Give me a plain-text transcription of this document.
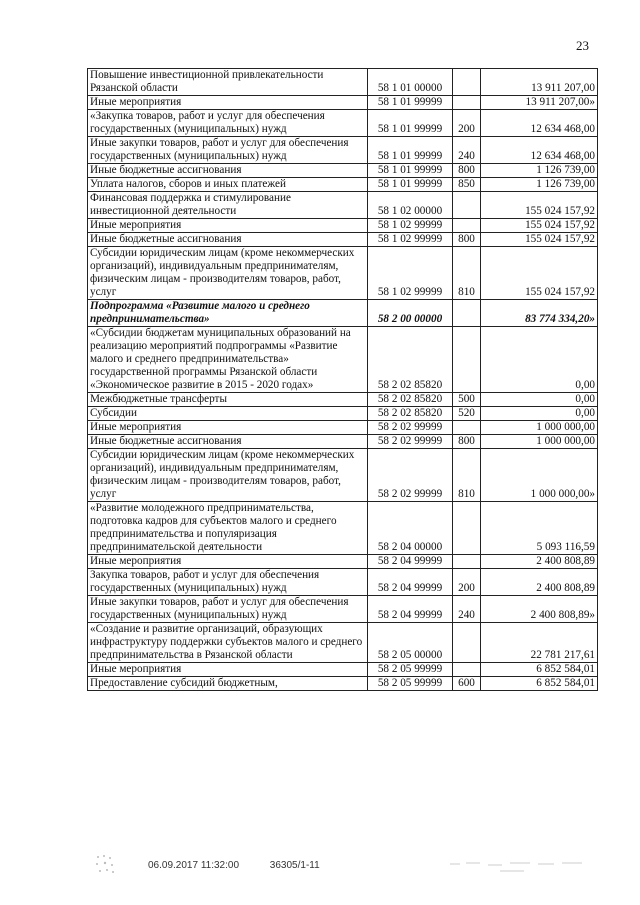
23
Повышение инвестиционной привлекательности Рязанской области	58 1 01 00000		13 911 207,00
Иные мероприятия	58 1 01 99999		13 911 207,00»
«Закупка товаров, работ и услуг для обеспечения государственных (муниципальных) нужд	58 1 01 99999	200	12 634 468,00
Иные закупки товаров, работ и услуг для обеспечения государственных (муниципальных) нужд	58 1 01 99999	240	12 634 468,00
Иные бюджетные ассигнования	58 1 01 99999	800	1 126 739,00
Уплата налогов, сборов и иных платежей	58 1 01 99999	850	1 126 739,00
Финансовая поддержка и стимулирование инвестиционной деятельности	58 1 02 00000		155 024 157,92
Иные мероприятия	58 1 02 99999		155 024 157,92
Иные бюджетные ассигнования	58 1 02 99999	800	155 024 157,92
Субсидии юридическим лицам (кроме некоммерческих организаций), индивидуальным предпринимателям, физическим лицам - производителям товаров, работ, услуг	58 1 02 99999	810	155 024 157,92
Подпрограмма «Развитие малого и среднего предпринимательства»	58 2 00 00000		83 774 334,20»
«Субсидии бюджетам муниципальных образований на реализацию мероприятий подпрограммы «Развитие малого и среднего предпринимательства» государственной программы Рязанской области «Экономическое развитие в 2015 - 2020 годах»	58 2 02 85820		0,00
Межбюджетные трансферты	58 2 02 85820	500	0,00
Субсидии	58 2 02 85820	520	0,00
Иные мероприятия	58 2 02 99999		1 000 000,00
Иные бюджетные ассигнования	58 2 02 99999	800	1 000 000,00
Субсидии юридическим лицам (кроме некоммерческих организаций), индивидуальным предпринимателям, физическим лицам - производителям товаров, работ, услуг	58 2 02 99999	810	1 000 000,00»
«Развитие молодежного предпринимательства, подготовка кадров для субъектов малого и среднего предпринимательства и популяризация предпринимательской деятельности	58 2 04 00000		5 093 116,59
Иные мероприятия	58 2 04 99999		2 400 808,89
Закупка товаров, работ и услуг для обеспечения государственных (муниципальных) нужд	58 2 04 99999	200	2 400 808,89
Иные закупки товаров, работ и услуг для обеспечения государственных (муниципальных) нужд	58 2 04 99999	240	2 400 808,89»
«Создание и развитие организаций, образующих инфраструктуру поддержки субъектов малого и среднего предпринимательства в Рязанской области	58 2 05 00000		22 781 217,61
Иные мероприятия	58 2 05 99999		6 852 584,01
Предоставление субсидий бюджетным,	58 2 05 99999	600	6 852 584,01
06.09.2017 11:32:00	36305/1-11
